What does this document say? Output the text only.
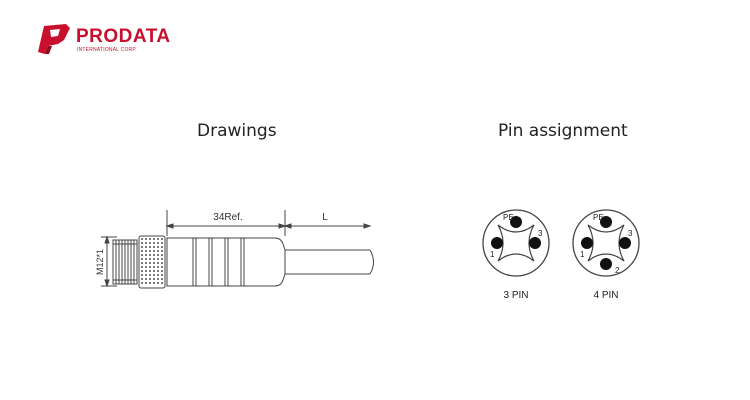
PRODATA
INTERNATIONAL CORP.
Drawings	Pin assignment
34Ref.	L
M12*1
PE
1
3
3 PIN
PE
1
3
2
4 PIN
